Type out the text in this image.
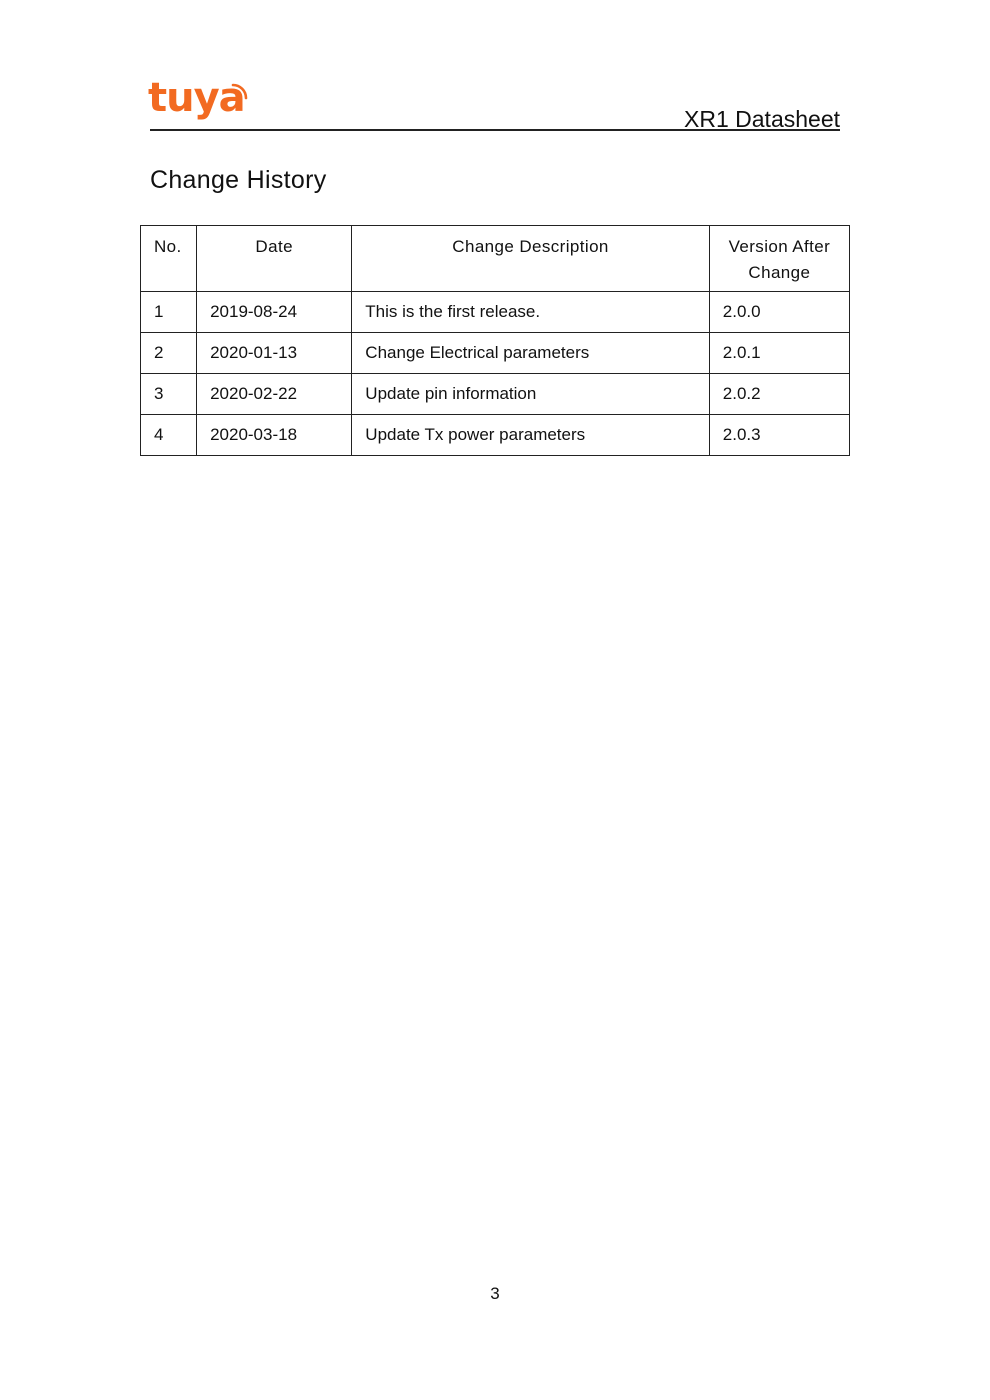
tuya	XR1 Datasheet
Change History
No.	Date	Change Description	Version After Change
1	2019-08-24	This is the first release.	2.0.0
2	2020-01-13	Change Electrical parameters	2.0.1
3	2020-02-22	Update pin information	2.0.2
4	2020-03-18	Update Tx power parameters	2.0.3
3
